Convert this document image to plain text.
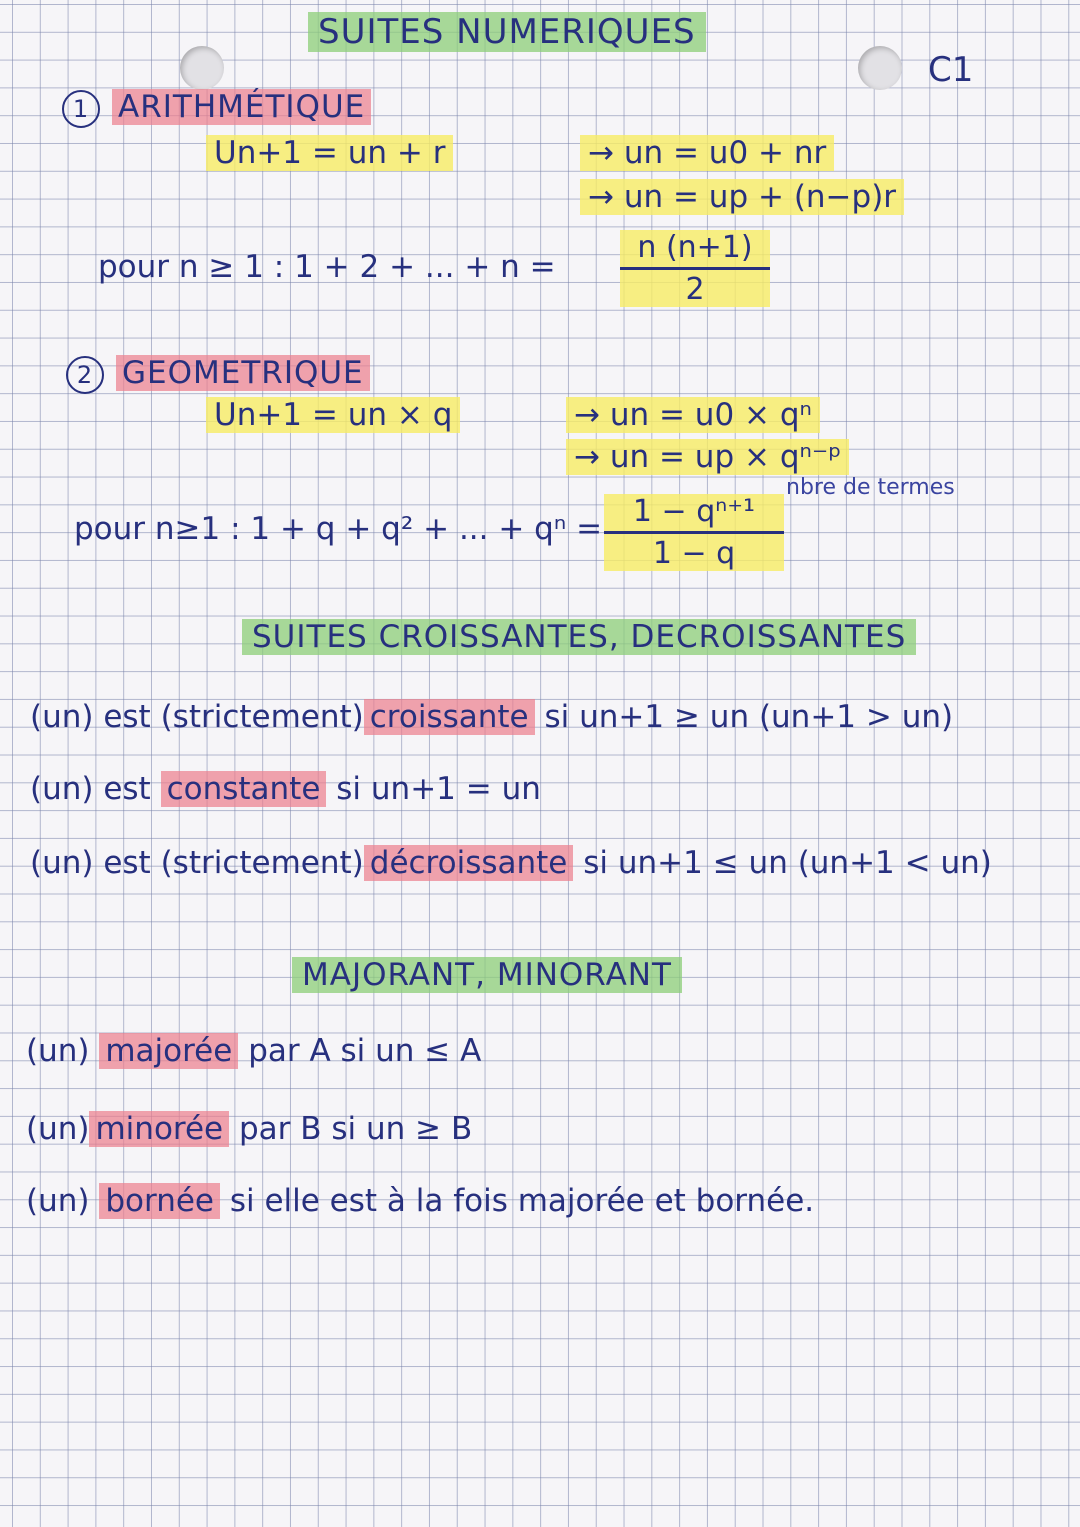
SUITES NUMERIQUES
C1
1 ARITHMÉTIQUE
Un+1 = un + r	→ un = u0 + nr
→ un = up + (n−p)r
pour n ≥ 1 : 1 + 2 + ... + n =
n (n+1)
2
2 GEOMETRIQUE
Un+1 = un × q	→ un = u0 × qⁿ
→ un = up × qⁿ⁻ᵖ
nbre de termes
pour n≥1 : 1 + q + q² + ... + qⁿ =	1 − qⁿ⁺¹
1 − q
SUITES CROISSANTES, DECROISSANTES
(un) est (strictement) croissante si un+1 ≥ un (un+1 > un)
(un) est constante si un+1 = un
(un) est (strictement) décroissante si un+1 ≤ un (un+1 < un)
MAJORANT, MINORANT
(un) majorée par A si un ≤ A
(un) minorée par B si un ≥ B
(un) bornée si elle est à la fois majorée et bornée.
